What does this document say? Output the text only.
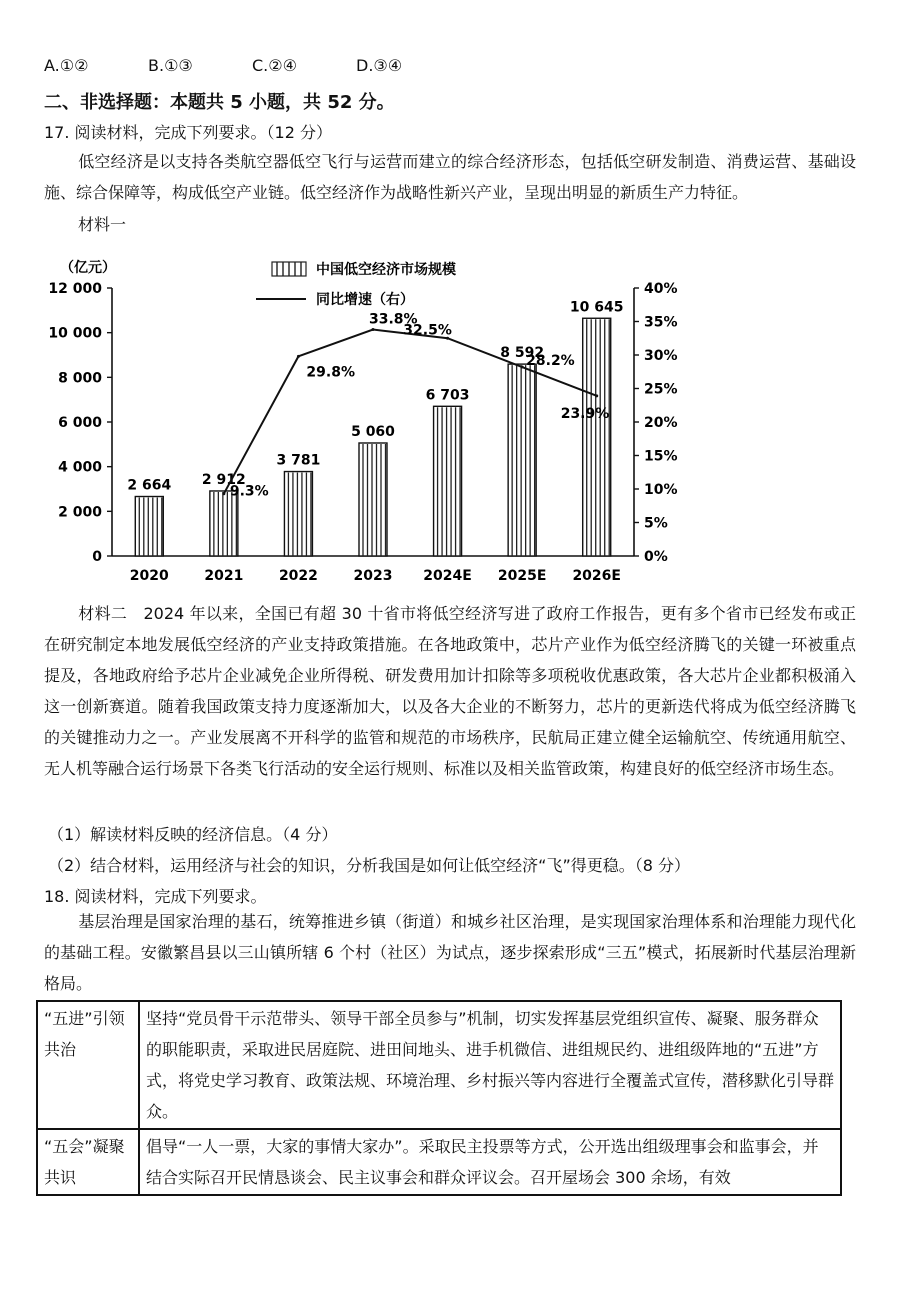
A.①②	B.①③	C.②④	D.③④
二、非选择题：本题共 5 小题，共 52 分。
17. 阅读材料，完成下列要求。（12 分）
低空经济是以支持各类航空器低空飞行与运营而建立的综合经济形态，包括低空研发制造、消费运营、基础设施、综合保障等，构成低空产业链。低空经济作为战略性新兴产业，呈现出明显的新质生产力特征。
材料一
（亿元）	中国低空经济市场规模
同比增速（右）
0
2 000
4 000
6 000
8 000
10 000
12 000
0%
5%
10%
15%
20%
25%
30%
35%
40%
2020	2021	2022	2023 2024E 2025E 2026E
2 664 2 912
3 781
5 060
6 703
8 592
10 645
9.3%
29.8%
33.8%
32.5%
28.2%
23.9%
材料二　2024 年以来，全国已有超 30 十省市将低空经济写进了政府工作报告，更有多个省市已经发布或正在研究制定本地发展低空经济的产业支持政策措施。在各地政策中，芯片产业作为低空经济腾飞的关键一环被重点提及，各地政府给予芯片企业减免企业所得税、研发费用加计扣除等多项税收优惠政策，各大芯片企业都积极涌入这一创新赛道。随着我国政策支持力度逐渐加大，以及各大企业的不断努力，芯片的更新迭代将成为低空经济腾飞的关键推动力之一。产业发展离不开科学的监管和规范的市场秩序，民航局正建立健全运输航空、传统通用航空、无人机等融合运行场景下各类飞行活动的安全运行规则、标准以及相关监管政策，构建良好的低空经济市场生态。
（1）解读材料反映的经济信息。（4 分）
（2）结合材料，运用经济与社会的知识，分析我国是如何让低空经济“飞”得更稳。（8 分）
18. 阅读材料，完成下列要求。
基层治理是国家治理的基石，统筹推进乡镇（街道）和城乡社区治理，是实现国家治理体系和治理能力现代化的基础工程。安徽繁昌县以三山镇所辖 6 个村（社区）为试点，逐步探索形成“三五”模式，拓展新时代基层治理新格局。
“五进”引领共治	坚持“党员骨干示范带头、领导干部全员参与”机制，切实发挥基层党组织宣传、凝聚、服务群众的职能职责，采取进民居庭院、进田间地头、进手机微信、进组规民约、进组级阵地的“五进”方式，将党史学习教育、政策法规、环境治理、乡村振兴等内容进行全覆盖式宣传，潜移默化引导群众。
“五会”凝聚共识	倡导“一人一票，大家的事情大家办”。采取民主投票等方式，公开选出组级理事会和监事会，并结合实际召开民情恳谈会、民主议事会和群众评议会。召开屋场会 300 余场，有效
